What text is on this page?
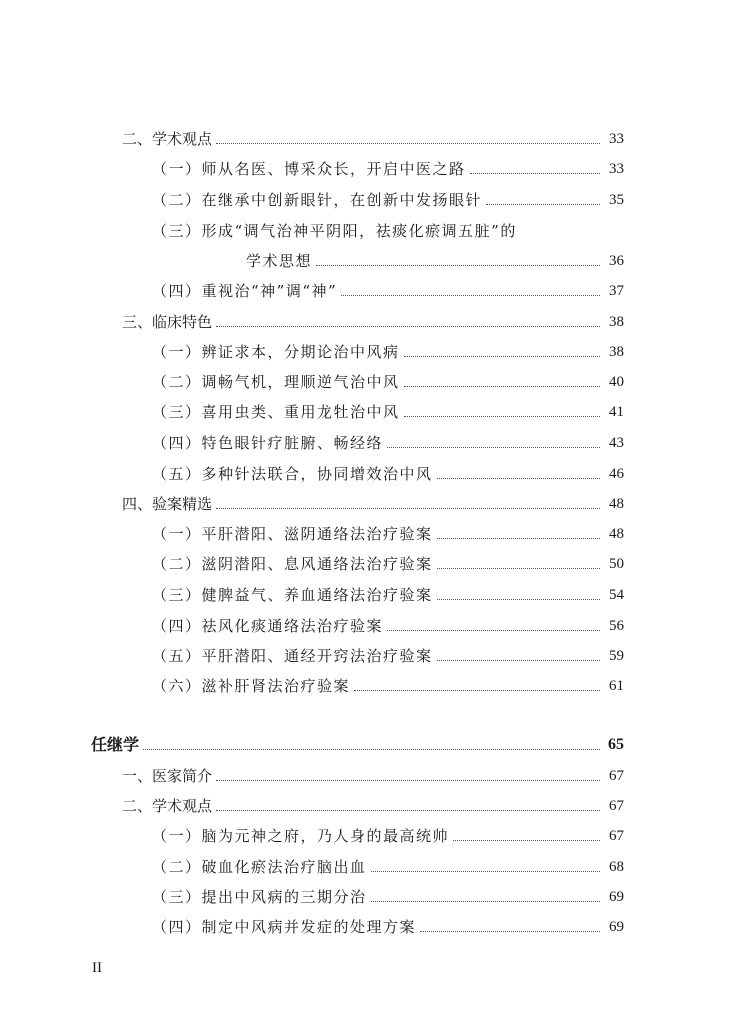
二、学术观点	33
（一）师从名医、博采众长，开启中医之路	33
（二）在继承中创新眼针，在创新中发扬眼针	35
（三）形成“调气治神平阴阳，祛痰化瘀调五脏”的
学术思想	36
（四）重视治“神”调“神”	37
三、临床特色	38
（一）辨证求本，分期论治中风病	38
（二）调畅气机，理顺逆气治中风	40
（三）喜用虫类、重用龙牡治中风	41
（四）特色眼针疗脏腑、畅经络	43
（五）多种针法联合，协同增效治中风	46
四、验案精选	48
（一）平肝潜阳、滋阴通络法治疗验案	48
（二）滋阴潜阳、息风通络法治疗验案	50
（三）健脾益气、养血通络法治疗验案	54
（四）祛风化痰通络法治疗验案	56
（五）平肝潜阳、通经开窍法治疗验案	59
（六）滋补肝肾法治疗验案	61
任继学	65
一、医家简介	67
二、学术观点	67
（一）脑为元神之府，乃人身的最高统帅	67
（二）破血化瘀法治疗脑出血	68
（三）提出中风病的三期分治	69
（四）制定中风病并发症的处理方案	69
II
